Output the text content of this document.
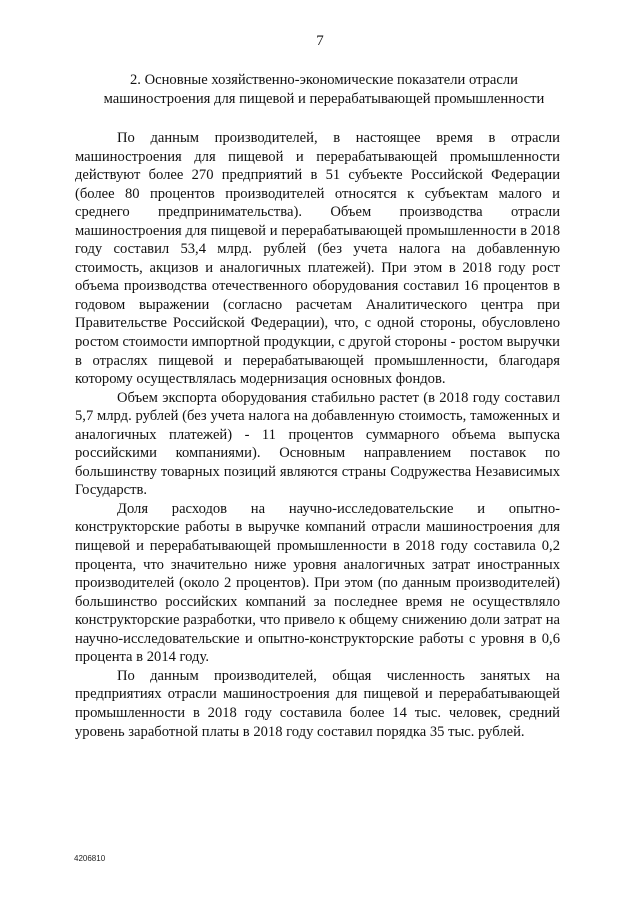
7
2. Основные хозяйственно-экономические показатели отрасли
машиностроения для пищевой и перерабатывающей промышленности

По данным производителей, в настоящее время в отрасли машиностроения для пищевой и перерабатывающей промышленности действуют более 270 предприятий в 51 субъекте Российской Федерации (более 80 процентов производителей относятся к субъектам малого и среднего предпринимательства). Объем производства отрасли машиностроения для пищевой и перерабатывающей промышленности в 2018 году составил 53,4 млрд. рублей (без учета налога на добавленную стоимость, акцизов и аналогичных платежей). При этом в 2018 году рост объема производства отечественного оборудования составил 16 процентов в годовом выражении (согласно расчетам Аналитического центра при Правительстве Российской Федерации), что, с одной стороны, обусловлено ростом стоимости импортной продукции, с другой стороны - ростом выручки в отраслях пищевой и перерабатывающей промышленности, благодаря которому осуществлялась модернизация основных фондов.

Объем экспорта оборудования стабильно растет (в 2018 году составил 5,7 млрд. рублей (без учета налога на добавленную стоимость, таможенных и аналогичных платежей) - 11 процентов суммарного объема выпуска российскими компаниями). Основным направлением поставок по большинству товарных позиций являются страны Содружества Независимых Государств.

Доля расходов на научно-исследовательские и опытно-конструкторские работы в выручке компаний отрасли машиностроения для пищевой и перерабатывающей промышленности в 2018 году составила 0,2 процента, что значительно ниже уровня аналогичных затрат иностранных производителей (около 2 процентов). При этом (по данным производителей) большинство российских компаний за последнее время не осуществляло конструкторские разработки, что привело к общему снижению доли затрат на научно-исследовательские и опытно-конструкторские работы с уровня в 0,6 процента в 2014 году.

По данным производителей, общая численность занятых на предприятиях отрасли машиностроения для пищевой и перерабатывающей промышленности в 2018 году составила более 14 тыс. человек, средний уровень заработной платы в 2018 году составил порядка 35 тыс. рублей.

4206810
